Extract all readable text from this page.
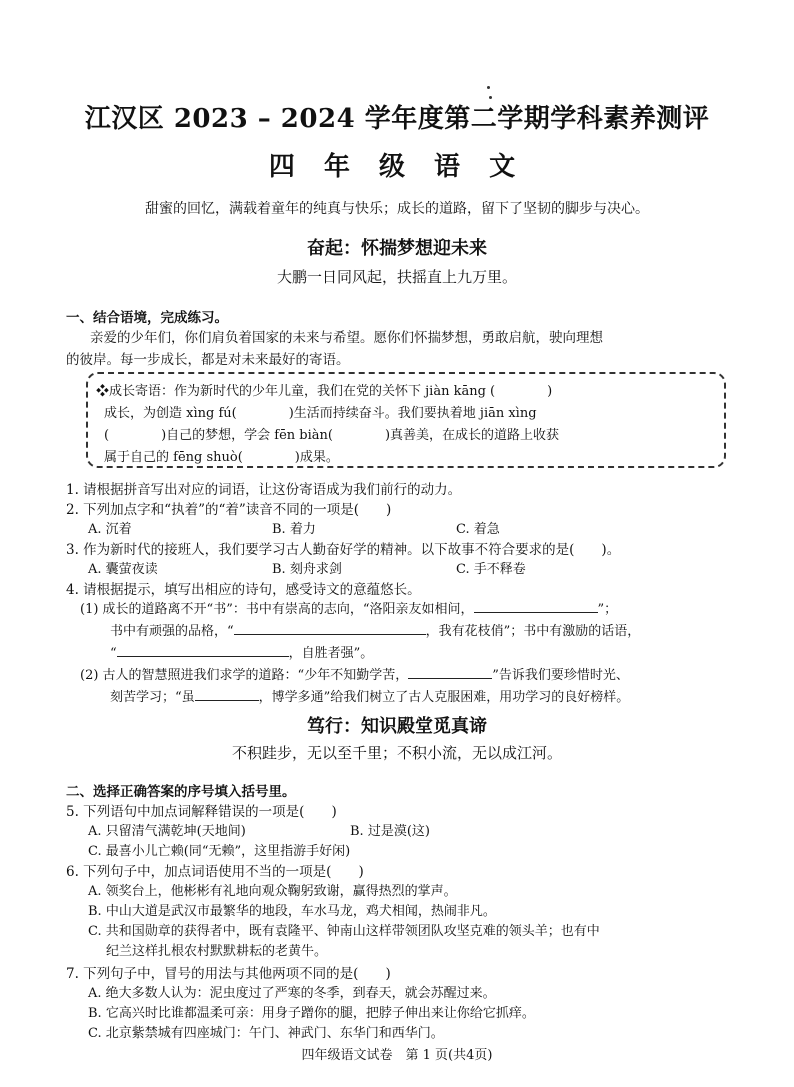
江汉区 2023 – 2024 学年度第二学期学科素养测评
四 年 级 语 文
甜蜜的回忆，满载着童年的纯真与快乐；成长的道路，留下了坚韧的脚步与决心。
奋起：怀揣梦想迎未来
大鹏一日同风起，扶摇直上九万里。
一、结合语境，完成练习。
亲爱的少年们，你们肩负着国家的未来与希望。愿你们怀揣梦想，勇敢启航，驶向理想
的彼岸。每一步成长，都是对未来最好的寄语。
❖成长寄语：作为新时代的少年儿童，我们在党的关怀下 jiàn kāng (　　　　)
成长，为创造 xìng fú(　　　　)生活而持续奋斗。我们要执着地 jiān xìng
(　　　　)自己的梦想，学会 fēn biàn(　　　　)真善美，在成长的道路上收获
属于自己的 fēng shuò(　　　　)成果。
1. 请根据拼音写出对应的词语，让这份寄语成为我们前行的动力。
2. 下列加点字和“执着”的“着”读音不同的一项是(　　)
A. 沉着	B. 着力	C. 着急
3. 作为新时代的接班人，我们要学习古人勤奋好学的精神。以下故事不符合要求的是(　　)。
A. 囊萤夜读	B. 刻舟求剑	C. 手不释卷
4. 请根据提示，填写出相应的诗句，感受诗文的意蕴悠长。
(1) 成长的道路离不开“书”：书中有崇高的志向，“洛阳亲友如相问，	”；
书中有顽强的品格，“	，我有花枝俏”；书中有激励的话语，
“	，自胜者强”。
(2) 古人的智慧照进我们求学的道路：“少年不知勤学苦，	”告诉我们要珍惜时光、
刻苦学习；“虽	，博学多通”给我们树立了古人克服困难，用功学习的良好榜样。
笃行：知识殿堂觅真谛
不积跬步，无以至千里；不积小流，无以成江河。
二、选择正确答案的序号填入括号里。
5. 下列语句中加点词解释错误的一项是(　　)
A. 只留清气满乾坤(天地间)	B. 过是漠(这)
C. 最喜小儿亡赖(同“无赖”，这里指游手好闲)
6. 下列句子中，加点词语使用不当的一项是(　　)
A. 领奖台上，他彬彬有礼地向观众鞠躬致谢，赢得热烈的掌声。
B. 中山大道是武汉市最繁华的地段，车水马龙，鸡犬相闻，热闹非凡。
C. 共和国勋章的获得者中，既有袁隆平、钟南山这样带领团队攻坚克难的领头羊；也有中
纪兰这样扎根农村默默耕耘的老黄牛。
7. 下列句子中，冒号的用法与其他两项不同的是(　　)
A. 绝大多数人认为：泥虫度过了严寒的冬季，到春天，就会苏醒过来。
B. 它高兴时比谁都温柔可亲：用身子蹭你的腿，把脖子伸出来让你给它抓痒。
C. 北京紫禁城有四座城门：午门、神武门、东华门和西华门。
四年级语文试卷　第 1 页(共4页)
